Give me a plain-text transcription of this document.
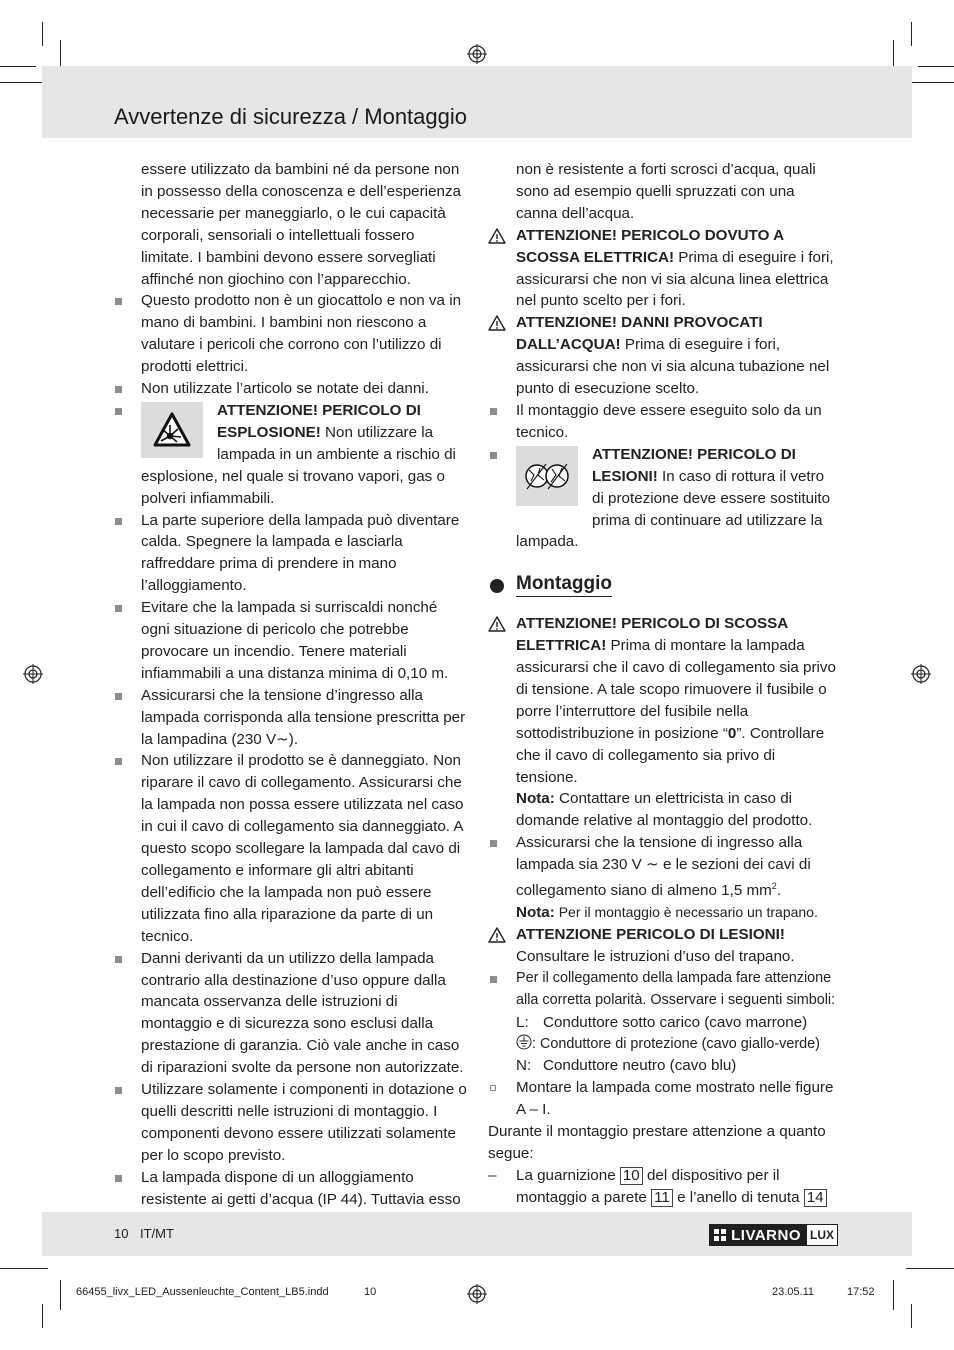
Avvertenze di sicurezza / Montaggio

essere utilizzato da bambini né da persone non in possesso della conoscenza e dell’esperienza necessarie per maneggiarlo, o le cui capacità corporali, sensoriali o intellettuali fossero limitate. I bambini devono essere sorvegliati affinché non giochino con l’apparecchio.

Questo prodotto non è un giocattolo e non va in mano di bambini. I bambini non riescono a valutare i pericoli che corrono con l’utilizzo di prodotti elettrici.

Non utilizzate l’articolo se notate dei danni.

ATTENZIONE! PERICOLO DI ESPLOSIONE! Non utilizzare la lampada in un ambiente a rischio di esplosione, nel quale si trovano vapori, gas o polveri infiammabili.

La parte superiore della lampada può diventare calda. Spegnere la lampada e lasciarla raffreddare prima di prendere in mano l’alloggiamento.

Evitare che la lampada si surriscaldi nonché ogni situazione di pericolo che potrebbe provocare un incendio. Tenere materiali infiammabili a una distanza minima di 0,10 m.

Assicurarsi che la tensione d’ingresso alla lampada corrisponda alla tensione prescritta per la lampadina (230 V∼).

Non utilizzare il prodotto se è danneggiato. Non riparare il cavo di collegamento. Assicurarsi che la lampada non possa essere utilizzata nel caso in cui il cavo di collegamento sia danneggiato. A questo scopo scollegare la lampada dal cavo di collegamento e informare gli altri abitanti dell’edificio che la lampada non può essere utilizzata fino alla riparazione da parte di un tecnico.

Danni derivanti da un utilizzo della lampada contrario alla destinazione d’uso oppure dalla mancata osservanza delle istruzioni di montaggio e di sicurezza sono esclusi dalla prestazione di garanzia. Ciò vale anche in caso di riparazioni svolte da persone non autorizzate.

Utilizzare solamente i componenti in dotazione o quelli descritti nelle istruzioni di montaggio. I componenti devono essere utilizzati solamente per lo scopo previsto.

La lampada dispone di un alloggiamento resistente ai getti d’acqua (IP 44). Tuttavia esso

non è resistente a forti scrosci d’acqua, quali sono ad esempio quelli spruzzati con una canna dell’acqua.

ATTENZIONE! PERICOLO DOVUTO A SCOSSA ELETTRICA! Prima di eseguire i fori, assicurarsi che non vi sia alcuna linea elettrica nel punto scelto per i fori.

ATTENZIONE! DANNI PROVOCATI DALL’ACQUA! Prima di eseguire i fori, assicurarsi che non vi sia alcuna tubazione nel punto di esecuzione scelto.

Il montaggio deve essere eseguito solo da un tecnico.

ATTENZIONE! PERICOLO DI LESIONI! In caso di rottura il vetro di protezione deve essere sostituito prima di continuare ad utilizzare la lampada.

Montaggio

ATTENZIONE! PERICOLO DI SCOSSA ELETTRICA! Prima di montare la lampada assicurarsi che il cavo di collegamento sia privo di tensione. A tale scopo rimuovere il fusibile o porre l’interruttore del fusibile nella sottodistribuzione in posizione “0”. Controllare che il cavo di collegamento sia privo di tensione.
Nota: Contattare un elettricista in caso di domande relative al montaggio del prodotto.

Assicurarsi che la tensione di ingresso alla lampada sia 230 V ∼ e le sezioni dei cavi di collegamento siano di almeno 1,5 $mm^2$.
Nota: Per il montaggio è necessario un trapano.

ATTENZIONE PERICOLO DI LESIONI!
Consultare le istruzioni d’uso del trapano.

Per il collegamento della lampada fare attenzione alla corretta polarità. Osservare i seguenti simboli:

L: Conduttore sotto carico (cavo marrone)
: Conduttore di protezione (cavo giallo-verde)
N: Conduttore neutro (cavo blu)

Montare la lampada come mostrato nelle figure A – I.

Durante il montaggio prestare attenzione a quanto segue:

– La guarnizione 10 del dispositivo per il montaggio a parete 11 e l’anello di tenuta 14

10 IT/MT	LIVARNO LUX
66455_livx_LED_Aussenleuchte_Content_LB5.indd	10	23.05.11	17:52
